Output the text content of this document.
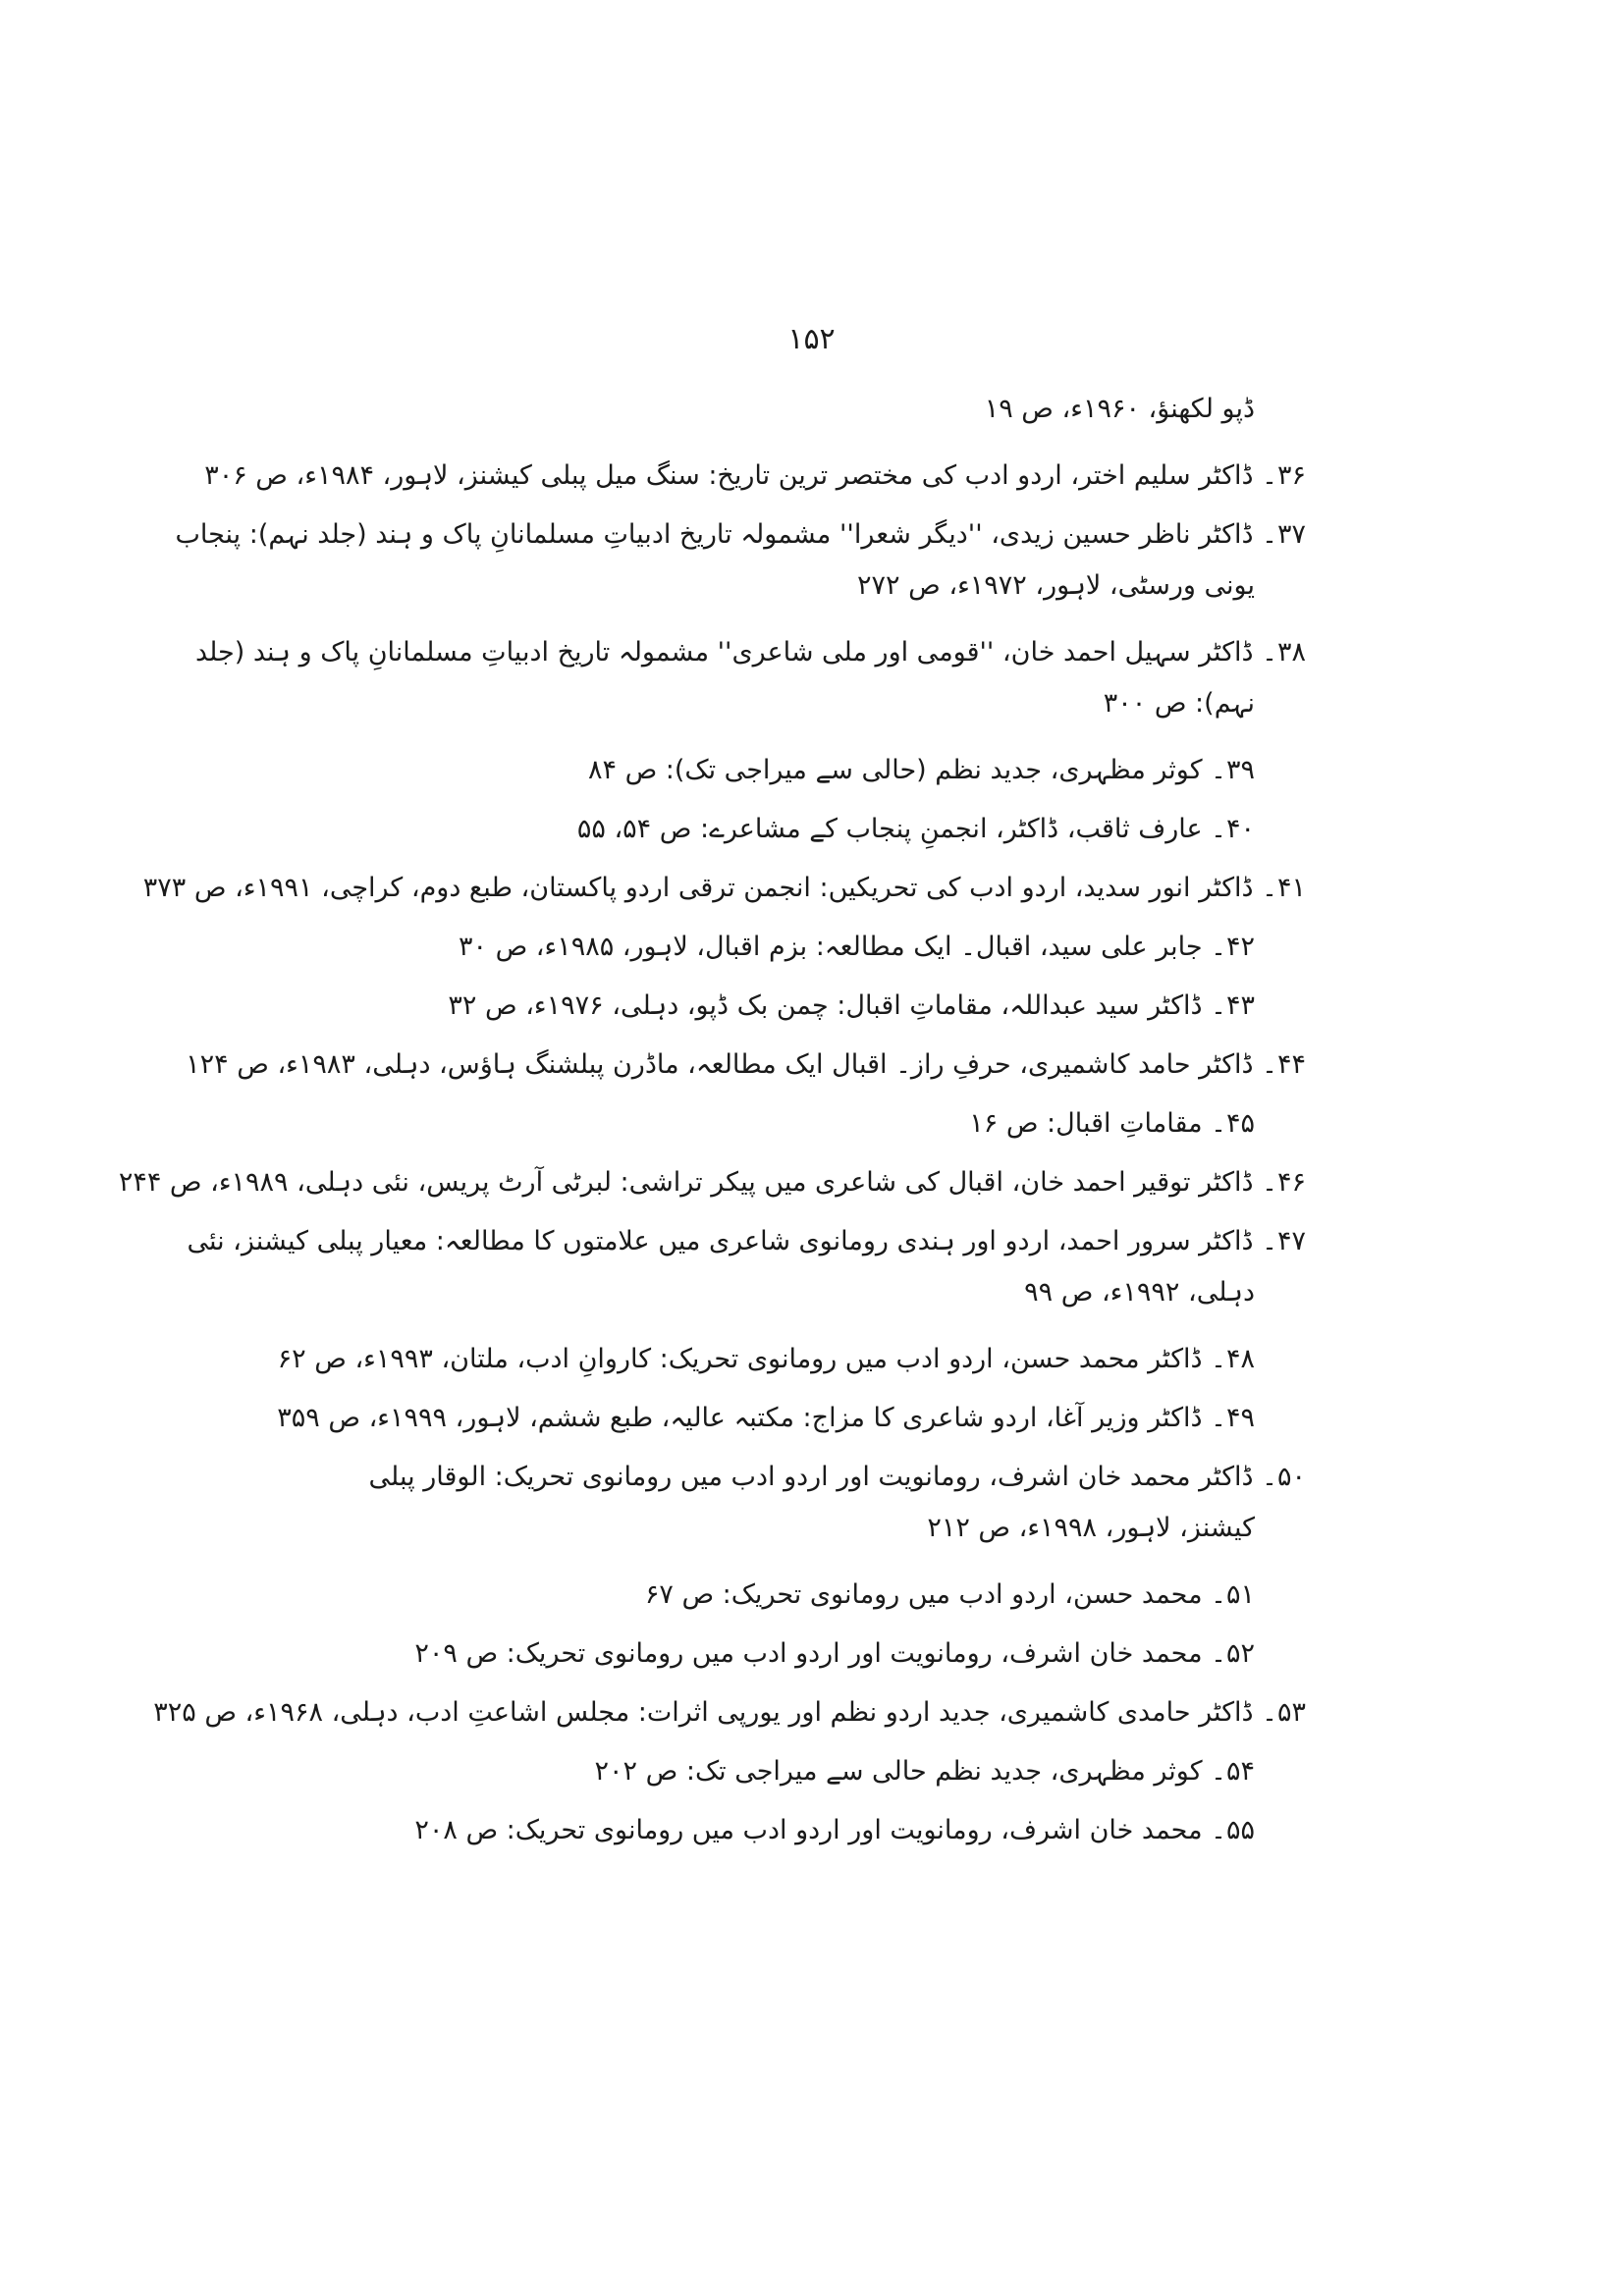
۱۵۲
ڈپو لکھنؤ، ۱۹۶۰ء، ص ۱۹
۳۶۔ ڈاکٹر سلیم اختر، اردو ادب کی مختصر ترین تاریخ: سنگ میل پبلی کیشنز، لاہور، ۱۹۸۴ء، ص ۳۰۶
۳۷۔ ڈاکٹر ناظر حسین زیدی، ''دیگر شعرا'' مشمولہ تاریخ ادبیاتِ مسلمانانِ پاک و ہند (جلد نہم): پنجاب
یونی ورسٹی، لاہور، ۱۹۷۲ء، ص ۲۷۲
۳۸۔ ڈاکٹر سہیل احمد خان، ''قومی اور ملی شاعری'' مشمولہ تاریخ ادبیاتِ مسلمانانِ پاک و ہند (جلد
نہم): ص ۳۰۰
۳۹۔ کوثر مظہری، جدید نظم (حالی سے میراجی تک): ص ۸۴
۴۰۔ عارف ثاقب، ڈاکٹر، انجمنِ پنجاب کے مشاعرے: ص ۵۴، ۵۵
۴۱۔ ڈاکٹر انور سدید، اردو ادب کی تحریکیں: انجمن ترقی اردو پاکستان، طبع دوم، کراچی، ۱۹۹۱ء، ص ۳۷۳
۴۲۔ جابر علی سید، اقبال۔ ایک مطالعہ: بزم اقبال، لاہور، ۱۹۸۵ء، ص ۳۰
۴۳۔ ڈاکٹر سید عبداللہ، مقاماتِ اقبال: چمن بک ڈپو، دہلی، ۱۹۷۶ء، ص ۳۲
۴۴۔ ڈاکٹر حامد کاشمیری، حرفِ راز۔ اقبال ایک مطالعہ، ماڈرن پبلشنگ ہاؤس، دہلی، ۱۹۸۳ء، ص ۱۲۴
۴۵۔ مقاماتِ اقبال: ص ۱۶
۴۶۔ ڈاکٹر توقیر احمد خان، اقبال کی شاعری میں پیکر تراشی: لبرٹی آرٹ پریس، نئی دہلی، ۱۹۸۹ء، ص ۲۴۴
۴۷۔ ڈاکٹر سرور احمد، اردو اور ہندی رومانوی شاعری میں علامتوں کا مطالعہ: معیار پبلی کیشنز، نئی
دہلی، ۱۹۹۲ء، ص ۹۹
۴۸۔ ڈاکٹر محمد حسن، اردو ادب میں رومانوی تحریک: کاروانِ ادب، ملتان، ۱۹۹۳ء، ص ۶۲
۴۹۔ ڈاکٹر وزیر آغا، اردو شاعری کا مزاج: مکتبہ عالیہ، طبع ششم، لاہور، ۱۹۹۹ء، ص ۳۵۹
۵۰۔ ڈاکٹر محمد خان اشرف، رومانویت اور اردو ادب میں رومانوی تحریک: الوقار پبلی
کیشنز، لاہور، ۱۹۹۸ء، ص ۲۱۲
۵۱۔ محمد حسن، اردو ادب میں رومانوی تحریک: ص ۶۷
۵۲۔ محمد خان اشرف، رومانویت اور اردو ادب میں رومانوی تحریک: ص ۲۰۹
۵۳۔ ڈاکٹر حامدی کاشمیری، جدید اردو نظم اور یورپی اثرات: مجلس اشاعتِ ادب، دہلی، ۱۹۶۸ء، ص ۳۲۵
۵۴۔ کوثر مظہری، جدید نظم حالی سے میراجی تک: ص ۲۰۲
۵۵۔ محمد خان اشرف، رومانویت اور اردو ادب میں رومانوی تحریک: ص ۲۰۸
